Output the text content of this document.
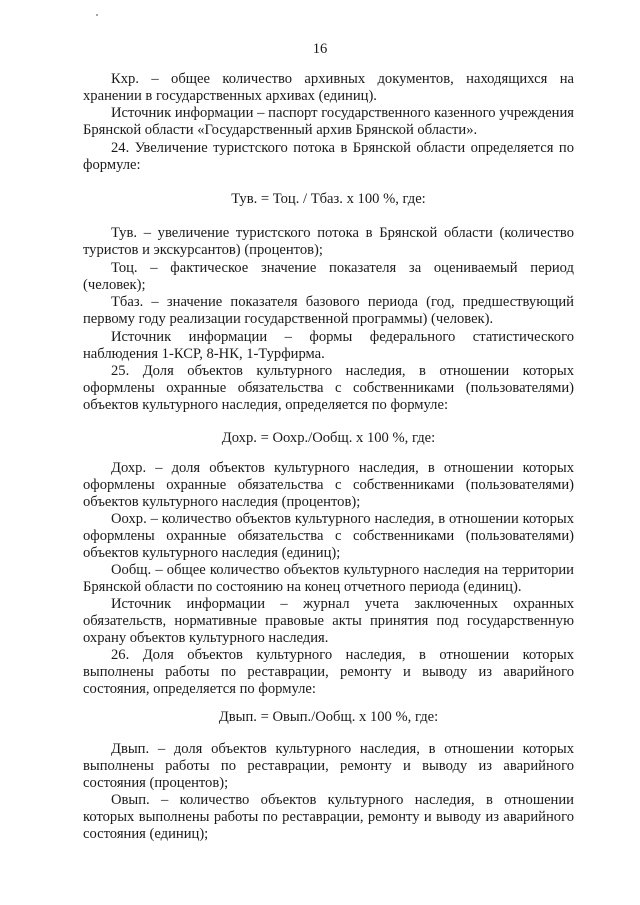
16
Кхр. – общее количество архивных документов, находящихся на хранении в государственных архивах (единиц).
Источник информации – паспорт государственного казенного учреждения Брянской области «Государственный архив Брянской области».
24. Увеличение туристского потока в Брянской области определяется по формуле:
Тув. = Тоц. / Тбаз. х 100 %, где:
Тув. – увеличение туристского потока в Брянской области (количество туристов и экскурсантов) (процентов);
Тоц. – фактическое значение показателя за оцениваемый период (человек);
Тбаз. – значение показателя базового периода (год, предшествующий первому году реализации государственной программы) (человек).
Источник информации – формы федерального статистического наблюдения 1-КСР, 8-НК, 1-Турфирма.
25. Доля объектов культурного наследия, в отношении которых оформлены охранные обязательства с собственниками (пользователями) объектов культурного наследия, определяется по формуле:
Дохр. = Оохр./Ообщ. х 100 %, где:
Дохр. – доля объектов культурного наследия, в отношении которых оформлены охранные обязательства с собственниками (пользователями) объектов культурного наследия (процентов);
Оохр. – количество объектов культурного наследия, в отношении которых оформлены охранные обязательства с собственниками (пользователями) объектов культурного наследия (единиц);
Ообщ. – общее количество объектов культурного наследия на территории Брянской области по состоянию на конец отчетного периода (единиц).
Источник информации – журнал учета заключенных охранных обязательств, нормативные правовые акты принятия под государственную охрану объектов культурного наследия.
26. Доля объектов культурного наследия, в отношении которых выполнены работы по реставрации, ремонту и выводу из аварийного состояния, определяется по формуле:
Двып. = Овып./Ообщ. х 100 %, где:
Двып. – доля объектов культурного наследия, в отношении которых выполнены работы по реставрации, ремонту и выводу из аварийного состояния (процентов);
Овып. – количество объектов культурного наследия, в отношении которых выполнены работы по реставрации, ремонту и выводу из аварийного состояния (единиц);
